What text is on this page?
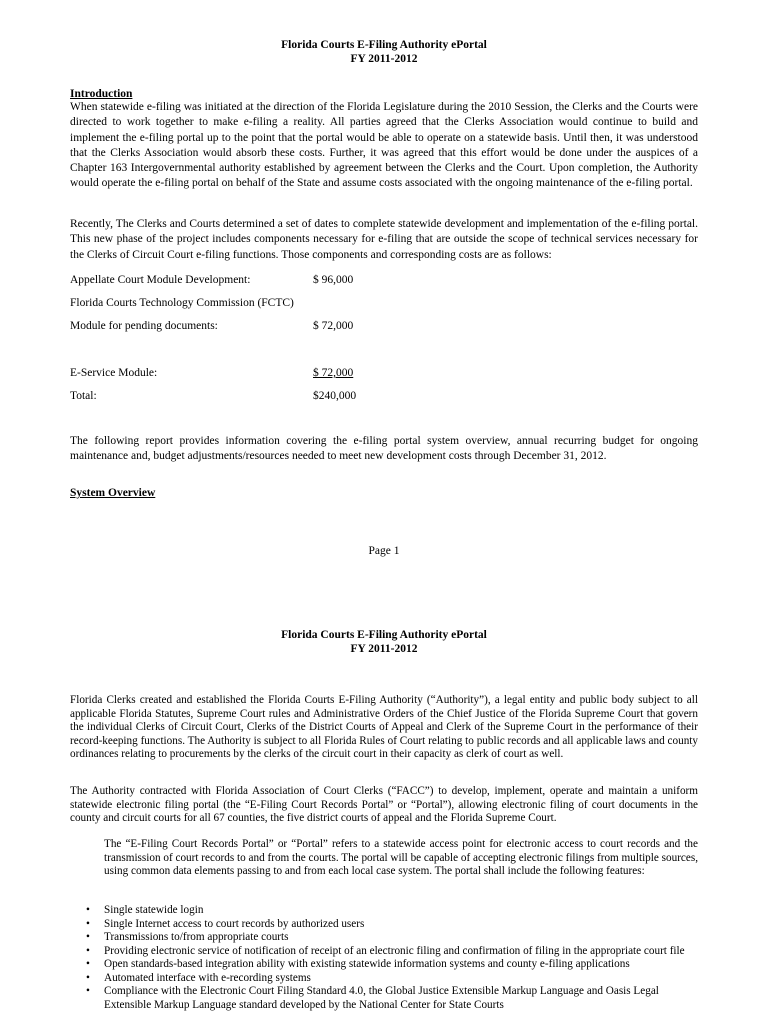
Florida Courts E-Filing Authority ePortal
FY 2011-2012
Introduction

When statewide e-filing was initiated at the direction of the Florida Legislature during the 2010 Session, the Clerks and the Courts were directed to work together to make e-filing a reality. All parties agreed that the Clerks Association would continue to build and implement the e-filing portal up to the point that the portal would be able to operate on a statewide basis. Until then, it was understood that the Clerks Association would absorb these costs. Further, it was agreed that this effort would be done under the auspices of a Chapter 163 Intergovernmental authority established by agreement between the Clerks and the Court. Upon completion, the Authority would operate the e-filing portal on behalf of the State and assume costs associated with the ongoing maintenance of the e-filing portal.

Recently, The Clerks and Courts determined a set of dates to complete statewide development and implementation of the e-filing portal. This new phase of the project includes components necessary for e-filing that are outside the scope of technical services necessary for the Clerks of Circuit Court e-filing functions. Those components and corresponding costs are as follows:

Appellate Court Module Development:	$ 96,000
Florida Courts Technology Commission (FCTC)
Module for pending documents:	$ 72,000
E-Service Module:	$ 72,000
Total:	$240,000

The following report provides information covering the e-filing portal system overview, annual recurring budget for ongoing maintenance and, budget adjustments/resources needed to meet new development costs through December 31, 2012.

System Overview
Page 1
Florida Courts E-Filing Authority ePortal
FY 2011-2012

Florida Clerks created and established the Florida Courts E-Filing Authority (“Authority”), a legal entity and public body subject to all applicable Florida Statutes, Supreme Court rules and Administrative Orders of the Chief Justice of the Florida Supreme Court that govern the individual Clerks of Circuit Court, Clerks of the District Courts of Appeal and Clerk of the Supreme Court in the performance of their record-keeping functions. The Authority is subject to all Florida Rules of Court relating to public records and all applicable laws and county ordinances relating to procurements by the clerks of the circuit court in their capacity as clerk of court as well.

The Authority contracted with Florida Association of Court Clerks (“FACC”) to develop, implement, operate and maintain a uniform statewide electronic filing portal (the “E-Filing Court Records Portal” or “Portal”), allowing electronic filing of court documents in the county and circuit courts for all 67 counties, the five district courts of appeal and the Florida Supreme Court.

The “E-Filing Court Records Portal” or “Portal” refers to a statewide access point for electronic access to court records and the transmission of court records to and from the courts. The portal will be capable of accepting electronic filings from multiple sources, using common data elements passing to and from each local case system. The portal shall include the following features:

• Single statewide login
• Single Internet access to court records by authorized users
• Transmissions to/from appropriate courts
• Providing electronic service of notification of receipt of an electronic filing and confirmation of filing in the appropriate court file
• Open standards-based integration ability with existing statewide information systems and county e-filing applications
• Automated interface with e-recording systems
• Compliance with the Electronic Court Filing Standard 4.0, the Global Justice Extensible Markup Language and Oasis Legal Extensible Markup Language standard developed by the National Center for State Courts
